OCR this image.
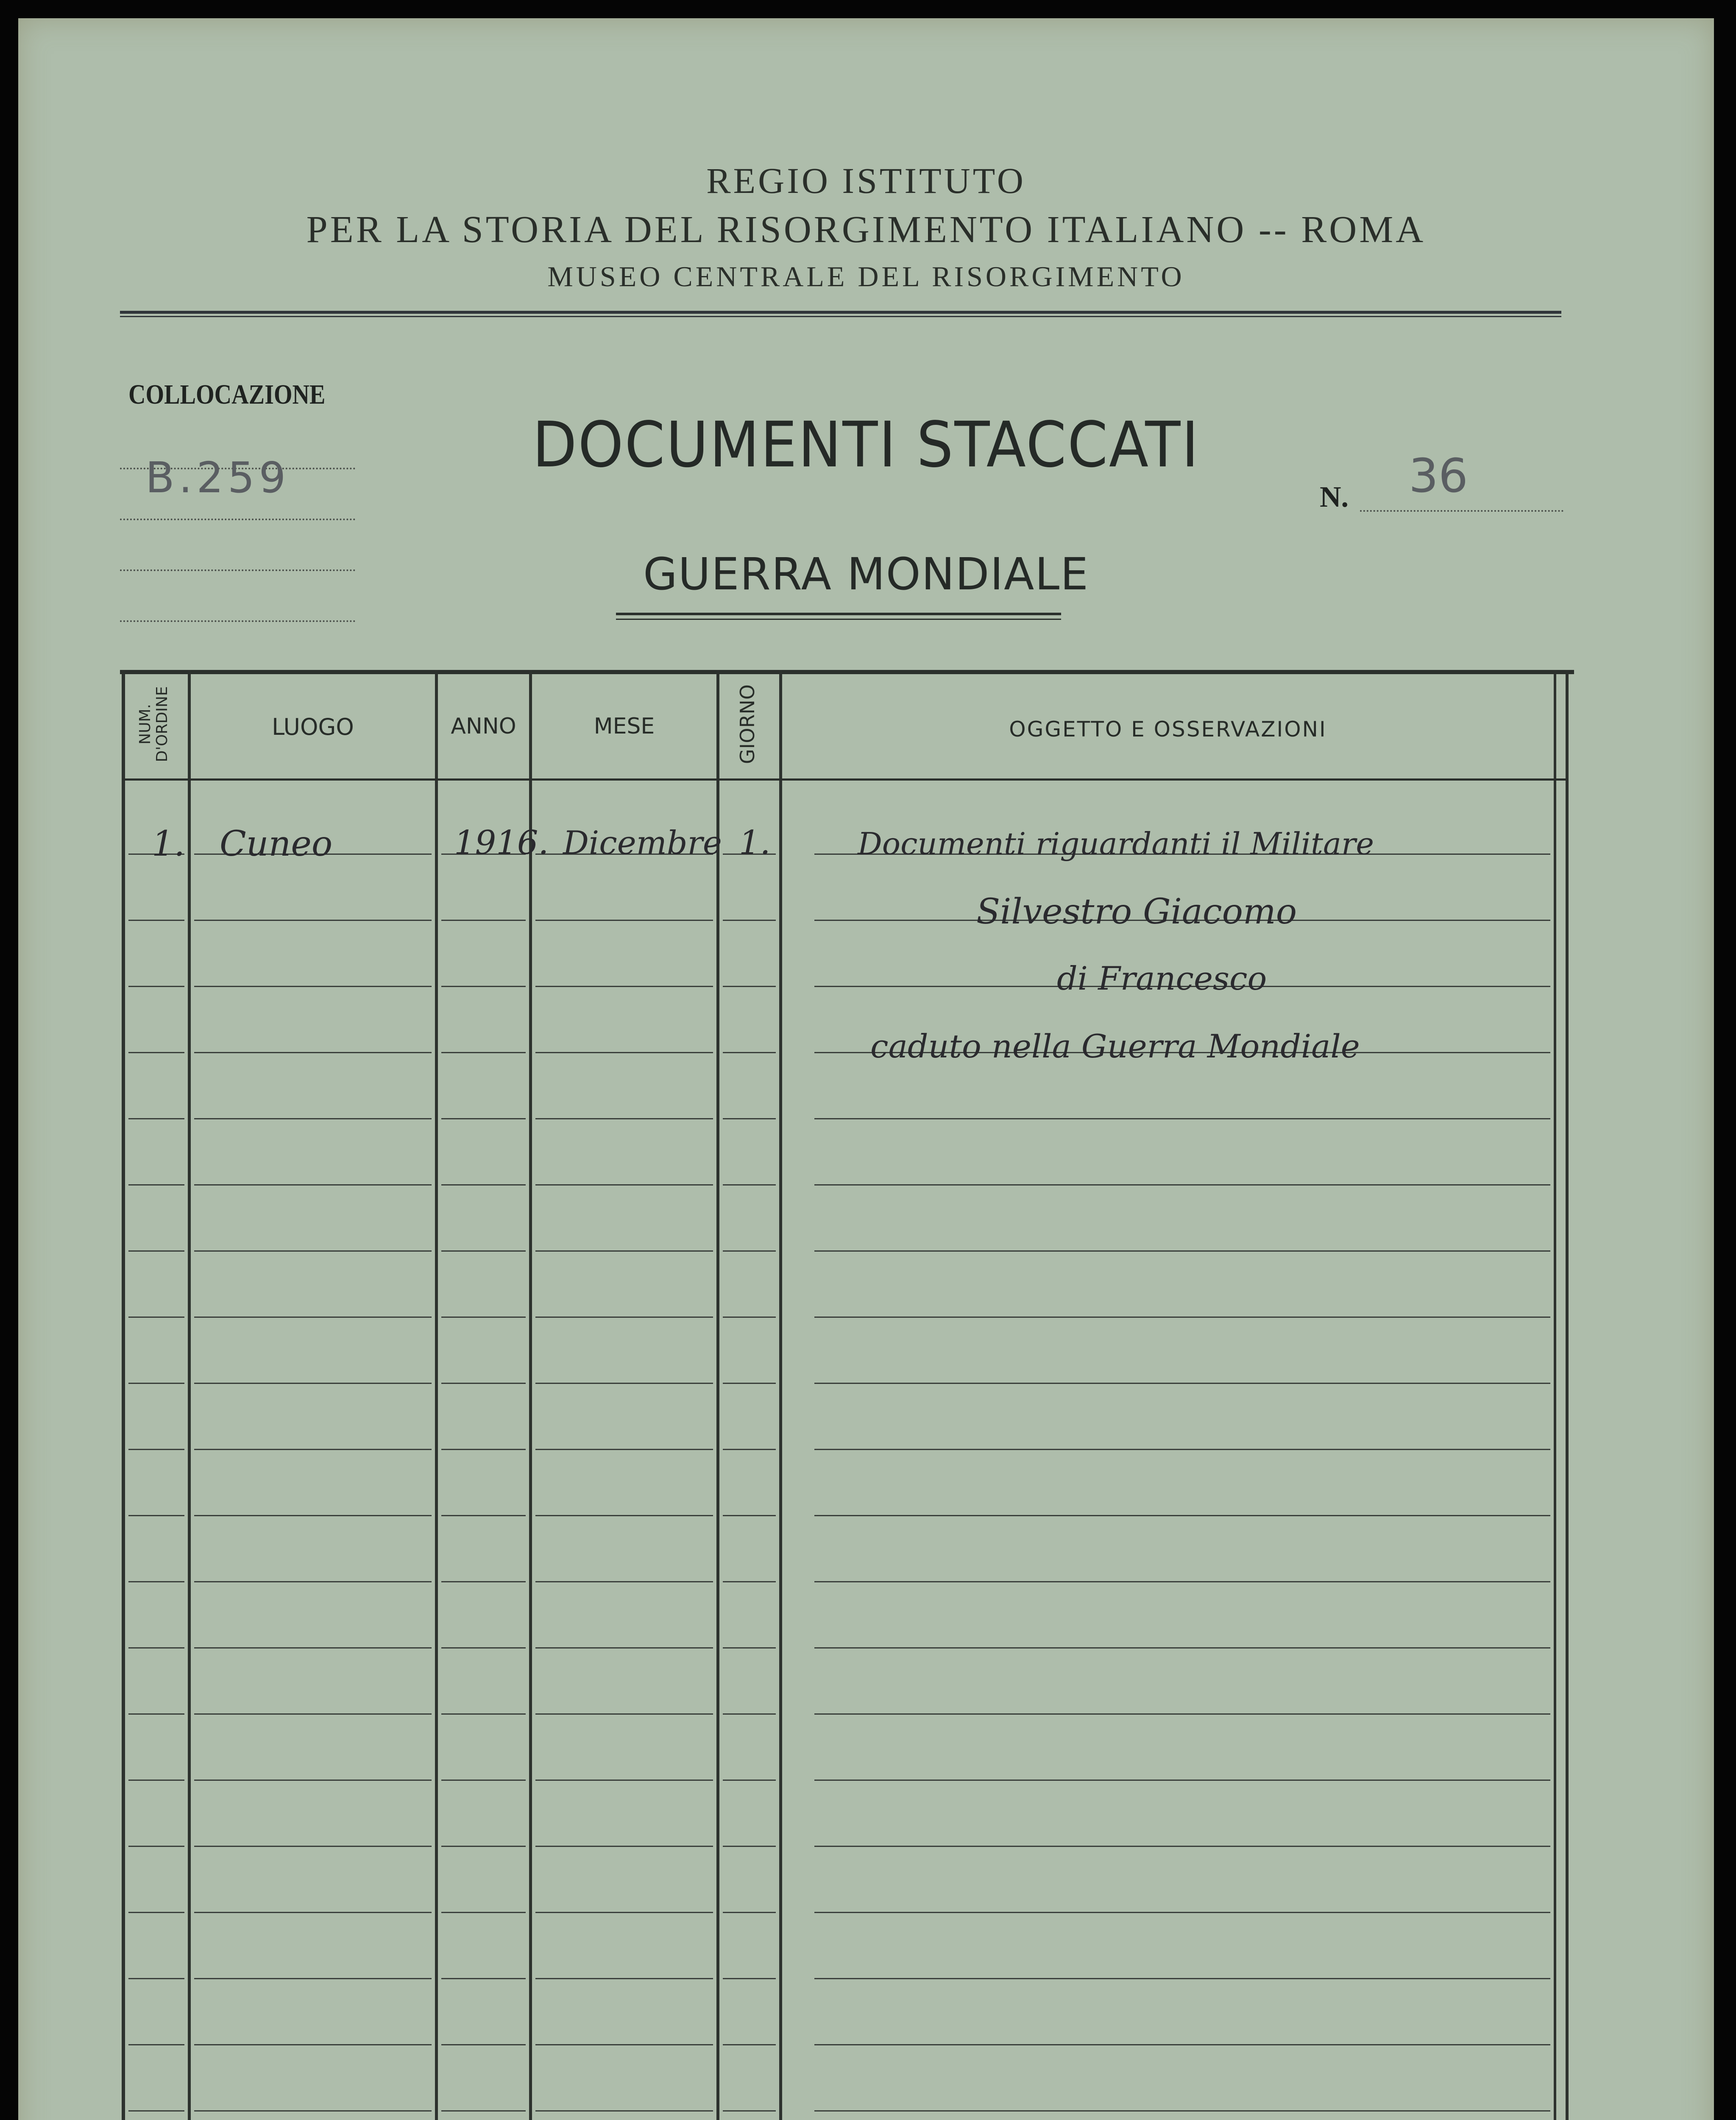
REGIO ISTITUTO
PER LA STORIA DEL RISORGIMENTO ITALIANO -- ROMA
MUSEO CENTRALE DEL RISORGIMENTO
COLLOCAZIONE
B.259	DOCUMENTI STACCATI
GUERRA MONDIALE
N. 36
NUM. D'ORDINE	LUOGO	ANNO	MESE	GIORNO	OGGETTO E OSSERVAZIONI
1. Cuneo	1916. Dicembre 1.	Documenti riguardanti il Militare
Silvestro Giacomo
di Francesco
caduto nella Guerra Mondiale
